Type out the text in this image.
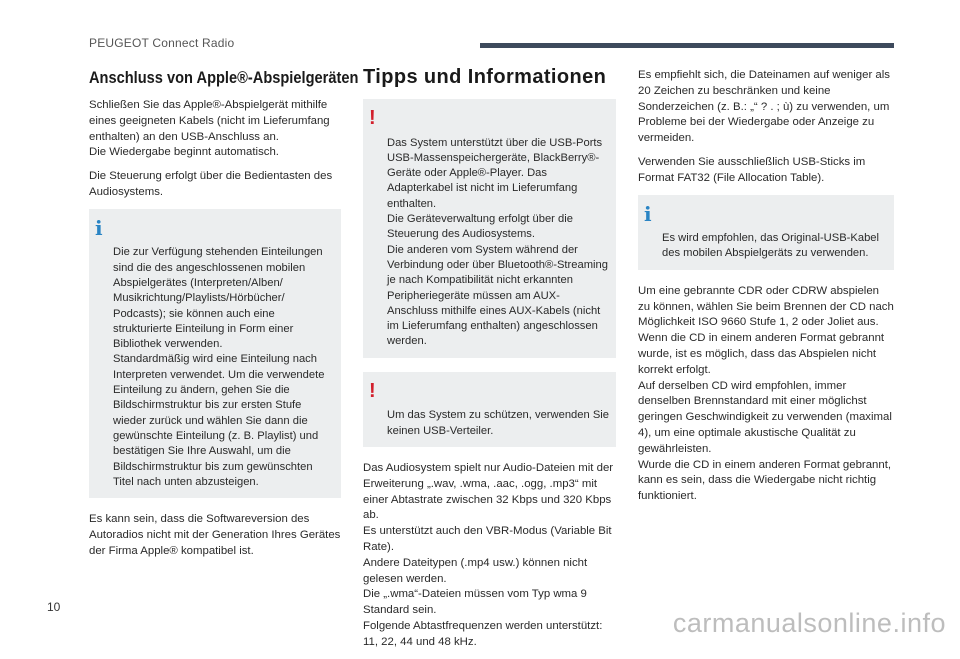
PEUGEOT Connect Radio
Anschluss von Apple®-Abspielgeräten

Schließen Sie das Apple®-Abspielgerät mithilfe eines geeigneten Kabels (nicht im Lieferumfang enthalten) an den USB-Anschluss an.
Die Wiedergabe beginnt automatisch.

Die Steuerung erfolgt über die Bedientasten des Audiosystems.

i

Die zur Verfügung stehenden Einteilungen sind die des angeschlossenen mobilen Abspielgerätes (Interpreten/Alben/ Musikrichtung/Playlists/Hörbücher/ Podcasts); sie können auch eine strukturierte Einteilung in Form einer Bibliothek verwenden.
Standardmäßig wird eine Einteilung nach Interpreten verwendet. Um die verwendete Einteilung zu ändern, gehen Sie die Bildschirmstruktur bis zur ersten Stufe wieder zurück und wählen Sie dann die gewünschte Einteilung (z. B. Playlist) und bestätigen Sie Ihre Auswahl, um die Bildschirmstruktur bis zum gewünschten Titel nach unten abzusteigen.

Es kann sein, dass die Softwareversion des Autoradios nicht mit der Generation Ihres Gerätes der Firma Apple® kompatibel ist.

Tipps und Informationen

!

Das System unterstützt über die USB-Ports USB-Massenspeichergeräte, BlackBerry®-Geräte oder Apple®-Player. Das Adapterkabel ist nicht im Lieferumfang enthalten.
Die Geräteverwaltung erfolgt über die Steuerung des Audiosystems.
Die anderen vom System während der Verbindung oder über Bluetooth®-Streaming je nach Kompatibilität nicht erkannten Peripheriegeräte müssen am AUX-Anschluss mithilfe eines AUX-Kabels (nicht im Lieferumfang enthalten) angeschlossen werden.

!

Um das System zu schützen, verwenden Sie keinen USB-Verteiler.

Das Audiosystem spielt nur Audio-Dateien mit der Erweiterung „.wav, .wma, .aac, .ogg, .mp3“ mit einer Abtastrate zwischen 32 Kbps und 320 Kbps ab.
Es unterstützt auch den VBR-Modus (Variable Bit Rate).
Andere Dateitypen (.mp4 usw.) können nicht gelesen werden.
Die „.wma“-Dateien müssen vom Typ wma 9 Standard sein.
Folgende Abtastfrequenzen werden unterstützt: 11, 22, 44 und 48 kHz.

Es empfiehlt sich, die Dateinamen auf weniger als 20 Zeichen zu beschränken und keine Sonderzeichen (z. B.: „“ ? . ; ù) zu verwenden, um Probleme bei der Wiedergabe oder Anzeige zu vermeiden.

Verwenden Sie ausschließlich USB-Sticks im Format FAT32 (File Allocation Table).

i

Es wird empfohlen, das Original-USB-Kabel des mobilen Abspielgeräts zu verwenden.

Um eine gebrannte CDR oder CDRW abspielen zu können, wählen Sie beim Brennen der CD nach Möglichkeit ISO 9660 Stufe 1, 2 oder Joliet aus.
Wenn die CD in einem anderen Format gebrannt wurde, ist es möglich, dass das Abspielen nicht korrekt erfolgt.
Auf derselben CD wird empfohlen, immer denselben Brennstandard mit einer möglichst geringen Geschwindigkeit zu verwenden (maximal 4), um eine optimale akustische Qualität zu gewährleisten.
Wurde die CD in einem anderen Format gebrannt, kann es sein, dass die Wiedergabe nicht richtig funktioniert.

10
carmanualsonline.info
